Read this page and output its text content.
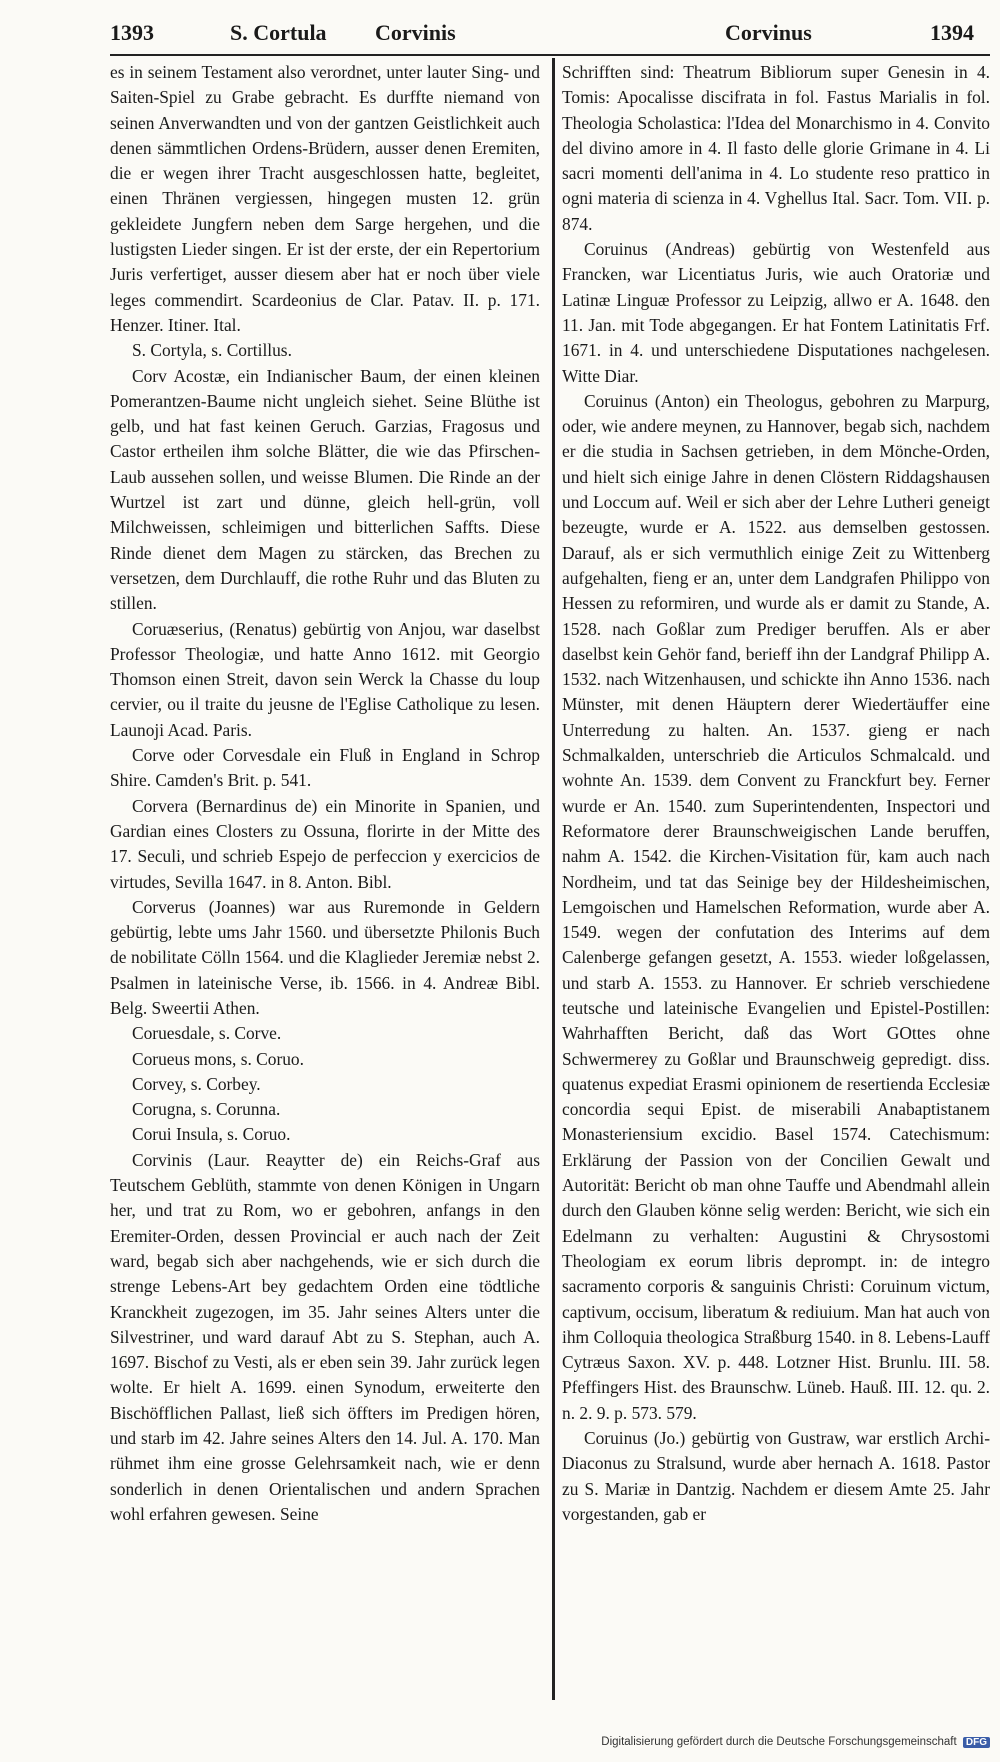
1393	S. Cortula Corvinis	Corvinus	1394

es in seinem Testament also verordnet, unter lauter Sing- und Saiten-Spiel zu Grabe gebracht. Es durffte niemand von seinen Anverwandten und von der gantzen Geistlichkeit auch denen sämmtlichen Ordens-Brüdern, ausser denen Eremiten, die er wegen ihrer Tracht ausgeschlossen hatte, begleitet, einen Thränen vergiessen, hingegen musten 12. grün gekleidete Jungfern neben dem Sarge hergehen, und die lustigsten Lieder singen. Er ist der erste, der ein Repertorium Juris verfertiget, ausser diesem aber hat er noch über viele leges commendirt. Scardeonius de Clar. Patav. II. p. 171. Henzer. Itiner. Ital.

S. Cortyla, s. Cortillus.

Corv Acostæ, ein Indianischer Baum, der einen kleinen Pomerantzen-Baume nicht ungleich siehet. Seine Blüthe ist gelb, und hat fast keinen Geruch. Garzias, Fragosus und Castor ertheilen ihm solche Blätter, die wie das Pfirschen-Laub aussehen sollen, und weisse Blumen. Die Rinde an der Wurtzel ist zart und dünne, gleich hell-grün, voll Milchweissen, schleimigen und bitterlichen Saffts. Diese Rinde dienet dem Magen zu stärcken, das Brechen zu versetzen, dem Durchlauff, die rothe Ruhr und das Bluten zu stillen.

Coruæserius, (Renatus) gebürtig von Anjou, war daselbst Professor Theologiæ, und hatte Anno 1612. mit Georgio Thomson einen Streit, davon sein Werck la Chasse du loup cervier, ou il traite du jeusne de l'Eglise Catholique zu lesen. Launoji Acad. Paris.

Corve oder Corvesdale ein Fluß in England in Schrop Shire. Camden's Brit. p. 541.

Corvera (Bernardinus de) ein Minorite in Spanien, und Gardian eines Closters zu Ossuna, florirte in der Mitte des 17. Seculi, und schrieb Espejo de perfeccion y exercicios de virtudes, Sevilla 1647. in 8. Anton. Bibl.

Corverus (Joannes) war aus Ruremonde in Geldern gebürtig, lebte ums Jahr 1560. und übersetzte Philonis Buch de nobilitate Cölln 1564. und die Klaglieder Jeremiæ nebst 2. Psalmen in lateinische Verse, ib. 1566. in 4. Andreæ Bibl. Belg. Sweertii Athen.

Coruesdale, s. Corve.

Corueus mons, s. Coruo.

Corvey, s. Corbey.

Corugna, s. Corunna.

Corui Insula, s. Coruo.

Corvinis (Laur. Reaytter de) ein Reichs-Graf aus Teutschem Geblüth, stammte von denen Königen in Ungarn her, und trat zu Rom, wo er gebohren, anfangs in den Eremiter-Orden, dessen Provincial er auch nach der Zeit ward, begab sich aber nachgehends, wie er sich durch die strenge Lebens-Art bey gedachtem Orden eine tödtliche Kranckheit zugezogen, im 35. Jahr seines Alters unter die Silvestriner, und ward darauf Abt zu S. Stephan, auch A. 1697. Bischof zu Vesti, als er eben sein 39. Jahr zurück legen wolte. Er hielt A. 1699. einen Synodum, erweiterte den Bischöfflichen Pallast, ließ sich öffters im Predigen hören, und starb im 42. Jahre seines Alters den 14. Jul. A. 170. Man rühmet ihm eine grosse Gelehrsamkeit nach, wie er denn sonderlich in denen Orientalischen und andern Sprachen wohl erfahren gewesen. Seine

Schrifften sind: Theatrum Bibliorum super Genesin in 4. Tomis: Apocalisse discifrata in fol. Fastus Marialis in fol. Theologia Scholastica: l'Idea del Monarchismo in 4. Convito del divino amore in 4. Il fasto delle glorie Grimane in 4. Li sacri momenti dell'anima in 4. Lo studente reso prattico in ogni materia di scienza in 4. Vghellus Ital. Sacr. Tom. VII. p. 874.

Coruinus (Andreas) gebürtig von Westenfeld aus Francken, war Licentiatus Juris, wie auch Oratoriæ und Latinæ Linguæ Professor zu Leipzig, allwo er A. 1648. den 11. Jan. mit Tode abgegangen. Er hat Fontem Latinitatis Frf. 1671. in 4. und unterschiedene Disputationes nachgelesen. Witte Diar.

Coruinus (Anton) ein Theologus, gebohren zu Marpurg, oder, wie andere meynen, zu Hannover, begab sich, nachdem er die studia in Sachsen getrieben, in dem Mönche-Orden, und hielt sich einige Jahre in denen Clöstern Riddagshausen und Loccum auf. Weil er sich aber der Lehre Lutheri geneigt bezeugte, wurde er A. 1522. aus demselben gestossen. Darauf, als er sich vermuthlich einige Zeit zu Wittenberg aufgehalten, fieng er an, unter dem Landgrafen Philippo von Hessen zu reformiren, und wurde als er damit zu Stande, A. 1528. nach Goßlar zum Prediger beruffen. Als er aber daselbst kein Gehör fand, berieff ihn der Landgraf Philipp A. 1532. nach Witzenhausen, und schickte ihn Anno 1536. nach Münster, mit denen Häuptern derer Wiedertäuffer eine Unterredung zu halten. An. 1537. gieng er nach Schmalkalden, unterschrieb die Articulos Schmalcald. und wohnte An. 1539. dem Convent zu Franckfurt bey. Ferner wurde er An. 1540. zum Superintendenten, Inspectori und Reformatore derer Braunschweigischen Lande beruffen, nahm A. 1542. die Kirchen-Visitation für, kam auch nach Nordheim, und tat das Seinige bey der Hildesheimischen, Lemgoischen und Hamelschen Reformation, wurde aber A. 1549. wegen der confutation des Interims auf dem Calenberge gefangen gesetzt, A. 1553. wieder loßgelassen, und starb A. 1553. zu Hannover. Er schrieb verschiedene teutsche und lateinische Evangelien und Epistel-Postillen: Wahrhafften Bericht, daß das Wort GOttes ohne Schwermerey zu Goßlar und Braunschweig gepredigt. diss. quatenus expediat Erasmi opinionem de resertienda Ecclesiæ concordia sequi Epist. de miserabili Anabaptistanem Monasteriensium excidio. Basel 1574. Catechismum: Erklärung der Passion von der Concilien Gewalt und Autorität: Bericht ob man ohne Tauffe und Abendmahl allein durch den Glauben könne selig werden: Bericht, wie sich ein Edelmann zu verhalten: Augustini & Chrysostomi Theologiam ex eorum libris deprompt. in: de integro sacramento corporis & sanguinis Christi: Coruinum victum, captivum, occisum, liberatum & rediuium. Man hat auch von ihm Colloquia theologica Straßburg 1540. in 8. Lebens-Lauff Cytræus Saxon. XV. p. 448. Lotzner Hist. Brunlu. III. 58. Pfeffingers Hist. des Braunschw. Lüneb. Hauß. III. 12. qu. 2. n. 2. 9. p. 573. 579.

Coruinus (Jo.) gebürtig von Gustraw, war erstlich Archi-Diaconus zu Stralsund, wurde aber hernach A. 1618. Pastor zu S. Mariæ in Dantzig. Nachdem er diesem Amte 25. Jahr vorgestanden, gab er

Digitalisierung gefördert durch die Deutsche Forschungsgemeinschaft DFG
